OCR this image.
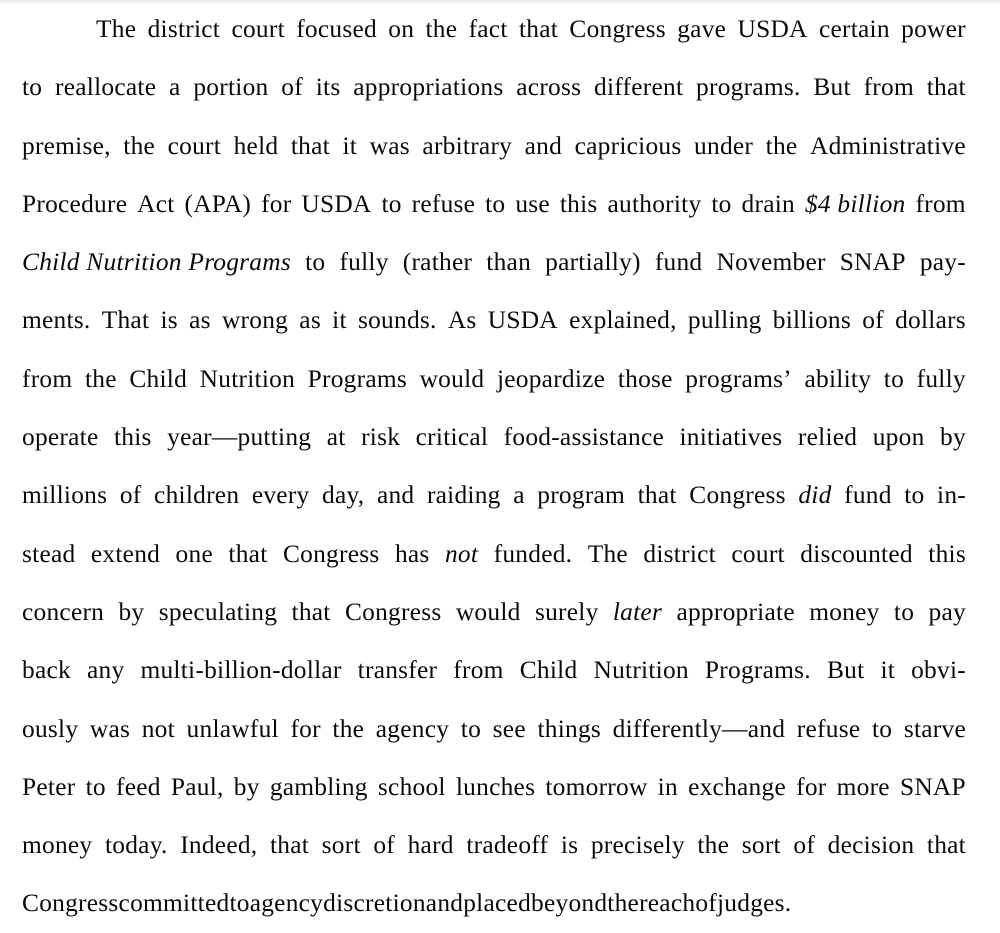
The district court focused on the fact that Congress gave USDA certain power
to reallocate a portion of its appropriations across different programs. But from that
premise, the court held that it was arbitrary and capricious under the Administrative
Procedure Act (APA) for USDA to refuse to use this authority to drain $4 billion from
Child Nutrition Programs to fully (rather than partially) fund November SNAP pay-
ments. That is as wrong as it sounds. As USDA explained, pulling billions of dollars
from the Child Nutrition Programs would jeopardize those programs’ ability to fully
operate this year—putting at risk critical food-assistance initiatives relied upon by
millions of children every day, and raiding a program that Congress did fund to in-
stead extend one that Congress has not funded. The district court discounted this
concern by speculating that Congress would surely later appropriate money to pay
back any multi-billion-dollar transfer from Child Nutrition Programs. But it obvi-
ously was not unlawful for the agency to see things differently—and refuse to starve
Peter to feed Paul, by gambling school lunches tomorrow in exchange for more SNAP
money today. Indeed, that sort of hard tradeoff is precisely the sort of decision that
Congress committed to agency discretion and placed beyond the reach of judges.
